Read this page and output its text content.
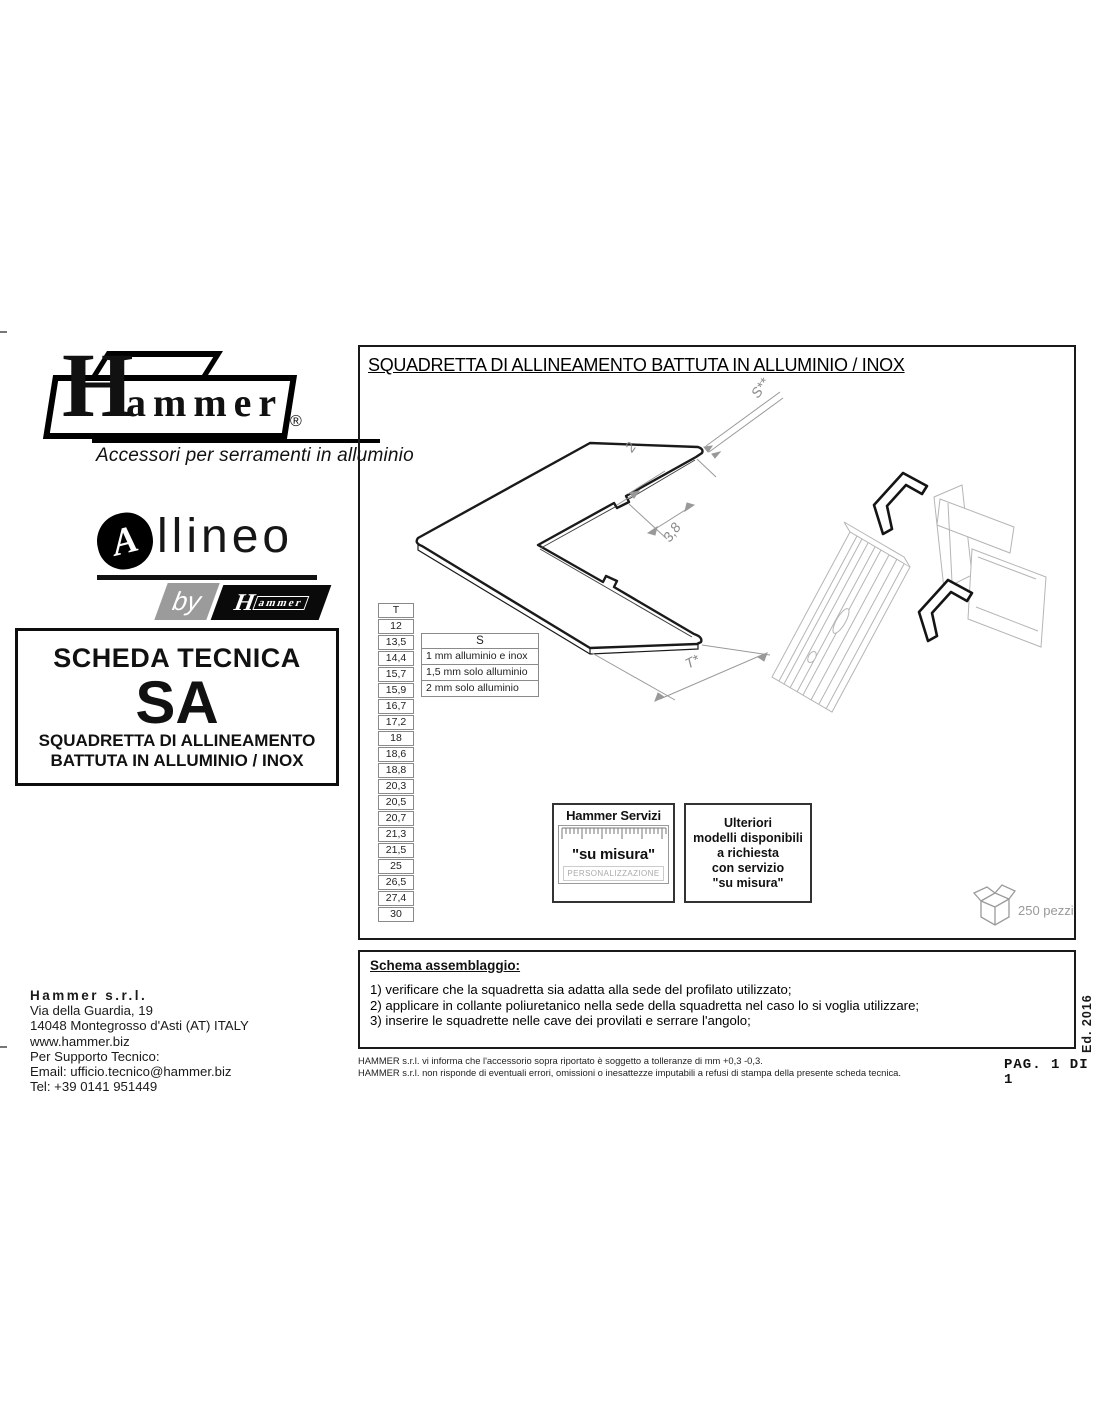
H
ammer ®
Accessori per serramenti in alluminio
A llineo
by H
ammer
SCHEDA TECNICA
SA
SQUADRETTA DI ALLINEAMENTO
BATTUTA IN ALLUMINIO / INOX
SQUADRETTA DI ALLINEAMENTO BATTUTA IN ALLUMINIO / INOX
S**
2
3,8
T*
T
12
13,5
14,4
15,7
15,9
16,7
17,2
18
18,6
18,8
20,3
20,5
20,7
21,3
21,5
25
26,5
27,4
30
S
1 mm alluminio e inox
1,5 mm solo alluminio
2 mm solo alluminio
Hammer Servizi
"su misura"
PERSONALIZZAZIONE
Ulteriori
modelli disponibili
a richiesta
con servizio
"su misura"
250 pezzi
Schema assemblaggio:
1) verificare che la squadretta sia adatta alla sede del profilato utilizzato;
2) applicare in collante poliuretanico nella sede della squadretta nel caso lo si voglia utilizzare;
3) inserire le squadrette nelle cave dei provilati e serrare l'angolo;
Hammer s.r.l.
Via della Guardia, 19
14048 Montegrosso d'Asti (AT) ITALY
www.hammer.biz
Per Supporto Tecnico:
Email: ufficio.tecnico@hammer.biz
Tel: +39 0141 951449
HAMMER s.r.l. vi informa che l'accessorio sopra riportato è soggetto a tolleranze di mm +0,3 -0,3.
HAMMER s.r.l. non risponde di eventuali errori, omissioni o inesattezze imputabili a refusi di stampa della presente scheda tecnica.	PAG. 1 DI
1
Ed. 2016
